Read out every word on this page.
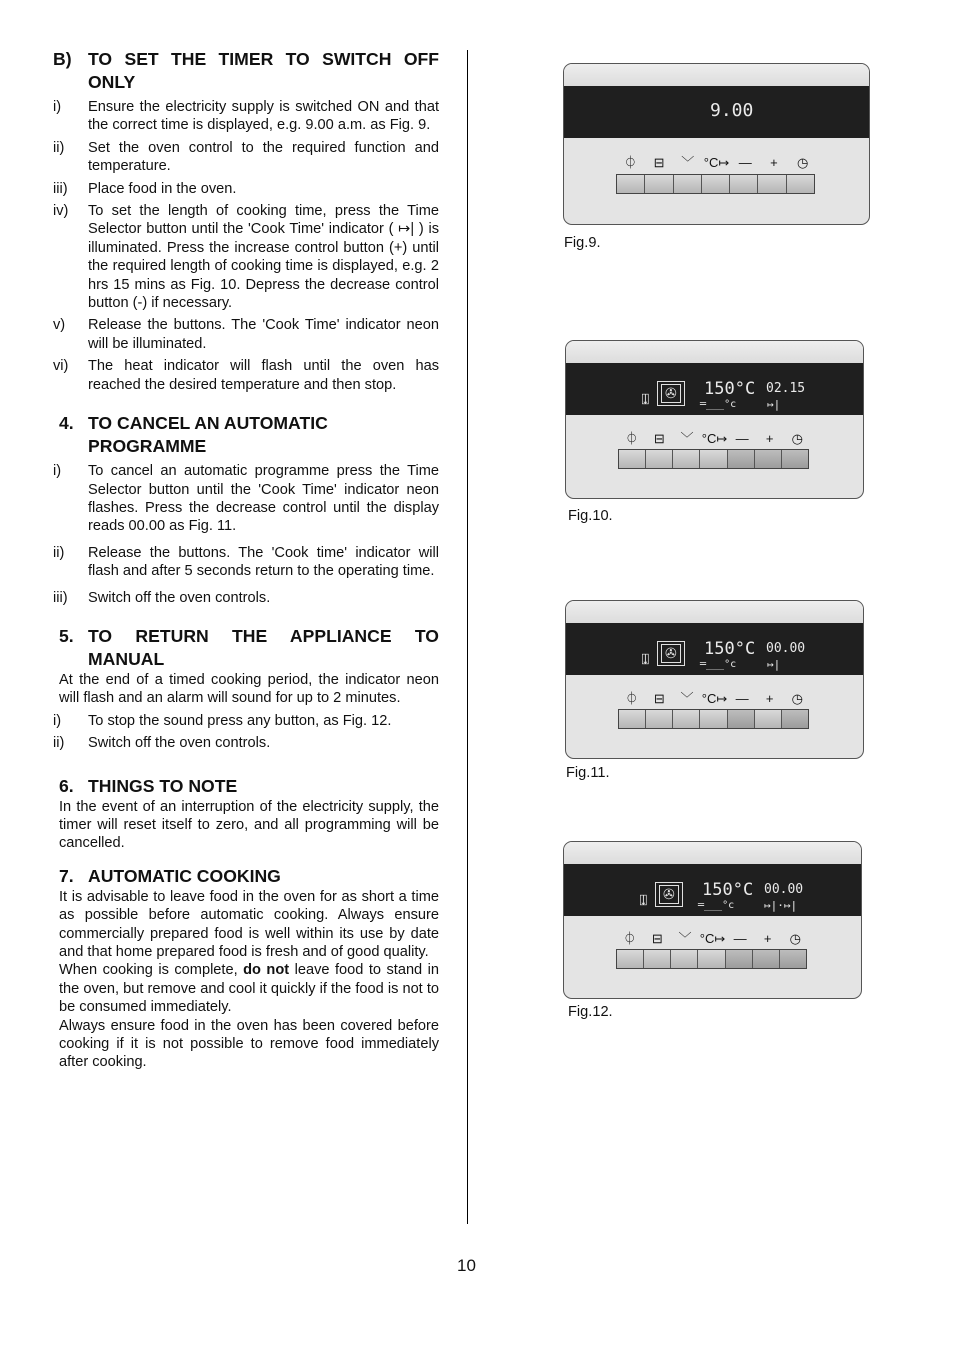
B) TO SET THE TIMER TO SWITCH OFF ONLY
i)	Ensure the electricity supply is switched ON and that the correct time is displayed, e.g. 9.00 a.m. as Fig. 9.
ii)	Set the oven control to the required function and temperature.
iii)	Place food in the oven.
iv)	To set the length of cooking time, press the Time Selector button until the 'Cook Time' indicator ( ↦| ) is illuminated. Press the increase control button (+) until the required length of cooking time is displayed, e.g. 2 hrs 15 mins as Fig. 10. Depress the decrease control button (-) if necessary.
v)	Release the buttons. The 'Cook Time' indicator neon will be illuminated.
vi)	The heat indicator will flash until the oven has reached the desired temperature and then stop.
4. TO CANCEL AN AUTOMATIC PROGRAMME
i)	To cancel an automatic programme press the Time Selector button until the 'Cook Time' indicator neon flashes. Press the decrease control until the display reads 00.00 as Fig. 11.
ii)	Release the buttons. The 'Cook time' indicator will flash and after 5 seconds return to the operating time.
iii)	Switch off the oven controls.
5. TO RETURN THE APPLIANCE TO MANUAL
At the end of a timed cooking period, the indicator neon will flash and an alarm will sound for up to 2 minutes.
i)	To stop the sound press any button, as Fig. 12.
ii)	Switch off the oven controls.
6. THINGS TO NOTE
In the event of an interruption of the electricity supply, the timer will reset itself to zero, and all programming will be cancelled.
7. AUTOMATIC COOKING
It is advisable to leave food in the oven for as short a time as possible before automatic cooking. Always ensure commercially prepared food is well within its use by date and that home prepared food is fresh and of good quality.
When cooking is complete, do not leave food to stand in the oven, but remove and cool it quickly if the food is not to be consumed immediately.
Always ensure food in the oven has been covered before cooking if it is not possible to remove food immediately after cooking.
9.00
⏀	⊟	﹀ °C↦ —	+	◷
Fig.9.
⍗ ✇ 150°C
═___°c
02.15
↦|
⏀	⊟	﹀ °C↦ —	+	◷
Fig.10.
⍗ ✇ 150°C
═___°c
00.00
↦|
⏀	⊟	﹀ °C↦ —	+	◷
Fig.11.
⍗ ✇ 150°C
═___°c
00.00
↦|·↦|
⏀	⊟	﹀ °C↦ —	+	◷
Fig.12.
10
